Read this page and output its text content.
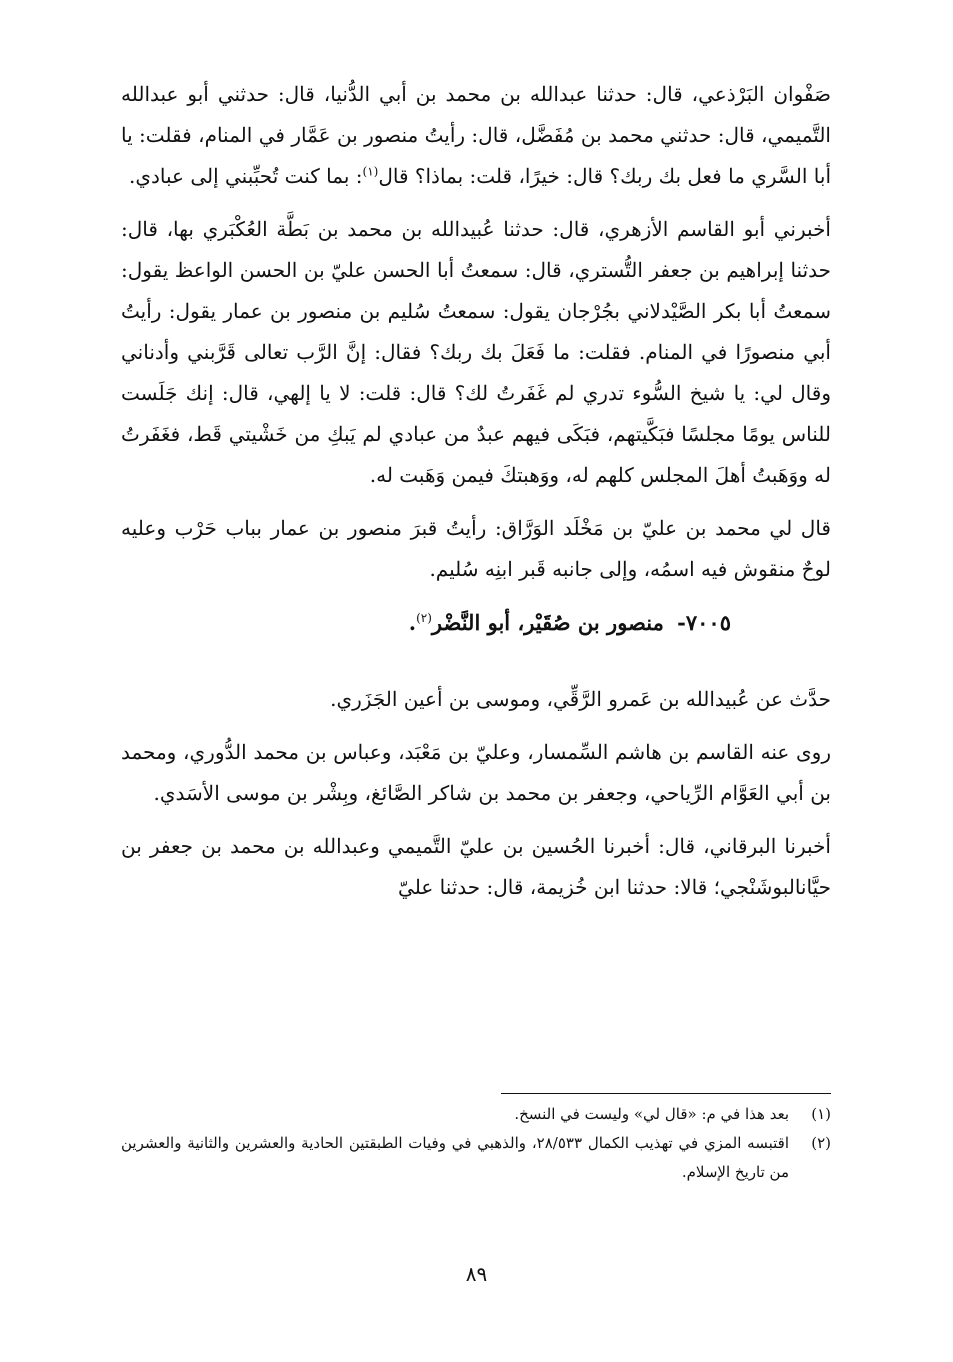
صَفْوان البَرْذعي، قال: حدثنا عبدالله بن محمد بن أبي الدُّنيا، قال: حدثني أبو عبدالله التَّميمي، قال: حدثني محمد بن مُفَضَّل، قال: رأيتُ منصور بن عَمَّار في المنام، فقلت: يا أبا السَّري ما فعل بك ربك؟ قال: خيرًا، قلت: بماذا؟ قال$^{(١)}$: بما كنت تُحبِّبني إلى عبادي.

أخبرني أبو القاسم الأزهري، قال: حدثنا عُبيدالله بن محمد بن بَطَّة العُكْبَري بها، قال: حدثنا إبراهيم بن جعفر التُّستري، قال: سمعتُ أبا الحسن عليّ بن الحسن الواعظ يقول: سمعتُ أبا بكر الصَّيْدلاني بجُرْجان يقول: سمعتُ سُليم بن منصور بن عمار يقول: رأيتُ أبي منصورًا في المنام. فقلت: ما فَعَلَ بك ربك؟ فقال: إنَّ الرَّب تعالى قَرَّبني وأدناني وقال لي: يا شيخ السُّوء تدري لم غَفَرتُ لك؟ قال: قلت: لا يا إلهي، قال: إنك جَلَست للناس يومًا مجلسًا فبَكَّيتهم، فبَكَى فيهم عبدٌ من عبادي لم يَبكِ من خَشْيتي قَط، فغَفَرتُ له ووَهَبتُ أهلَ المجلس كلهم له، ووَهبتكَ فيمن وَهَبت له.

قال لي محمد بن عليّ بن مَخْلَد الوَرَّاق: رأيتُ قبرَ منصور بن عمار بباب حَرْب وعليه لوحٌ منقوش فيه اسمُه، وإلى جانبه قَبر ابنِه سُليم.

٧٠٠٥- منصور بن صُقَيْر، أبو النَّضْر$^{(٢)}$.

حدَّث عن عُبيدالله بن عَمرو الرَّقِّي، وموسى بن أعين الجَزَري.

روى عنه القاسم بن هاشم السِّمسار، وعليّ بن مَعْبَد، وعباس بن محمد الدُّوري، ومحمد بن أبي العَوَّام الرِّياحي، وجعفر بن محمد بن شاكر الصَّائغ، وبِشْر بن موسى الأسَدي.

أخبرنا البرقاني، قال: أخبرنا الحُسين بن عليّ التَّميمي وعبدالله بن محمد بن جعفر بن حيَّانالبوشَنْجي؛ قالا: حدثنا ابن خُزيمة، قال: حدثنا عليّ

(١)
بعد هذا في م: «قال لي» وليست في النسخ.
(٢)
اقتبسه المزي في تهذيب الكمال ٢٨/٥٣٣، والذهبي في وفيات الطبقتين الحادية والعشرين والثانية والعشرين من تاريخ الإسلام.
٨٩
